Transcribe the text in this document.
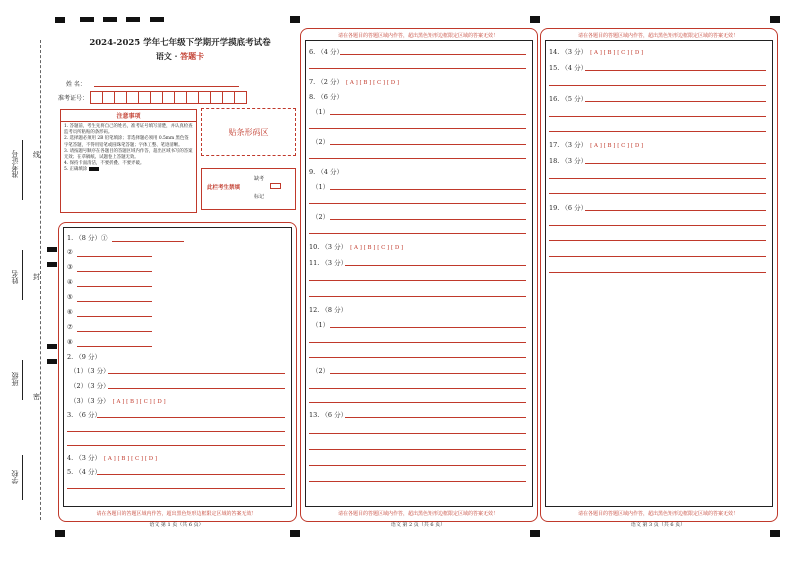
准考证号
姓名
班级
学校
线
封
密
2024-2025 学年七年级下学期开学摸底考试卷
语文 · 答题卡
姓 名：
准考证号：
注意事项
1. 答题前，考生先将自己的姓名，准考证号填写清楚，并认真检查监考员所粘贴的条形码。
2. 选择题必须用 2B 铅笔填涂；非选择题必须用 0.5mm 黑色签字笔答题，不得用铅笔或圆珠笔答题；字体工整、笔迹清晰。
3. 请按题号顺序在各题目的答题区域内作答，超出区域书写的答案无效；在草稿纸、试题卷上答题无效。
4. 保持卡面清洁，不要折叠、不要弄破。
5. 正确填涂
贴条形码区
此栏考生禁填
缺考
标记
请在各题目的答题区域内作答，超出黑色矩形边框限定区域的答案无效！
语文 第 1 页（共 6 页）
1. （8 分）①
②
③
④
⑤
⑥
⑦
⑧
2. （9 分）
（1）（3 分）
（2）（3 分）
（3）（3 分） [ A ] [ B ] [ C ] [ D ]
3. （6 分）
4. （3 分） [ A ] [ B ] [ C ] [ D ]
5. （4 分）
请在各题目的答题区域内作答，超出黑色矩形边框限定区域的答案无效！
请在各题目的答题区域内作答，超出黑色矩形边框限定区域的答案无效！
语文 第 2 页（共 6 页）
6. （4 分）
7. （2 分） [ A ] [ B ] [ C ] [ D ]
8. （6 分）
（1）
（2）
9. （4 分）
（1）
（2）
10. （3 分） [ A ] [ B ] [ C ] [ D ]
11. （3 分）
12. （8 分）
（1）
（2）
13. （6 分）
请在各题目的答题区域内作答，超出黑色矩形边框限定区域的答案无效！
请在各题目的答题区域内作答，超出黑色矩形边框限定区域的答案无效！
语文 第 3 页（共 6 页）
14. （3 分） [ A ] [ B ] [ C ] [ D ]
15. （4 分）
16. （5 分）
17. （3 分） [ A ] [ B ] [ C ] [ D ]
18. （3 分）
19. （6 分）
